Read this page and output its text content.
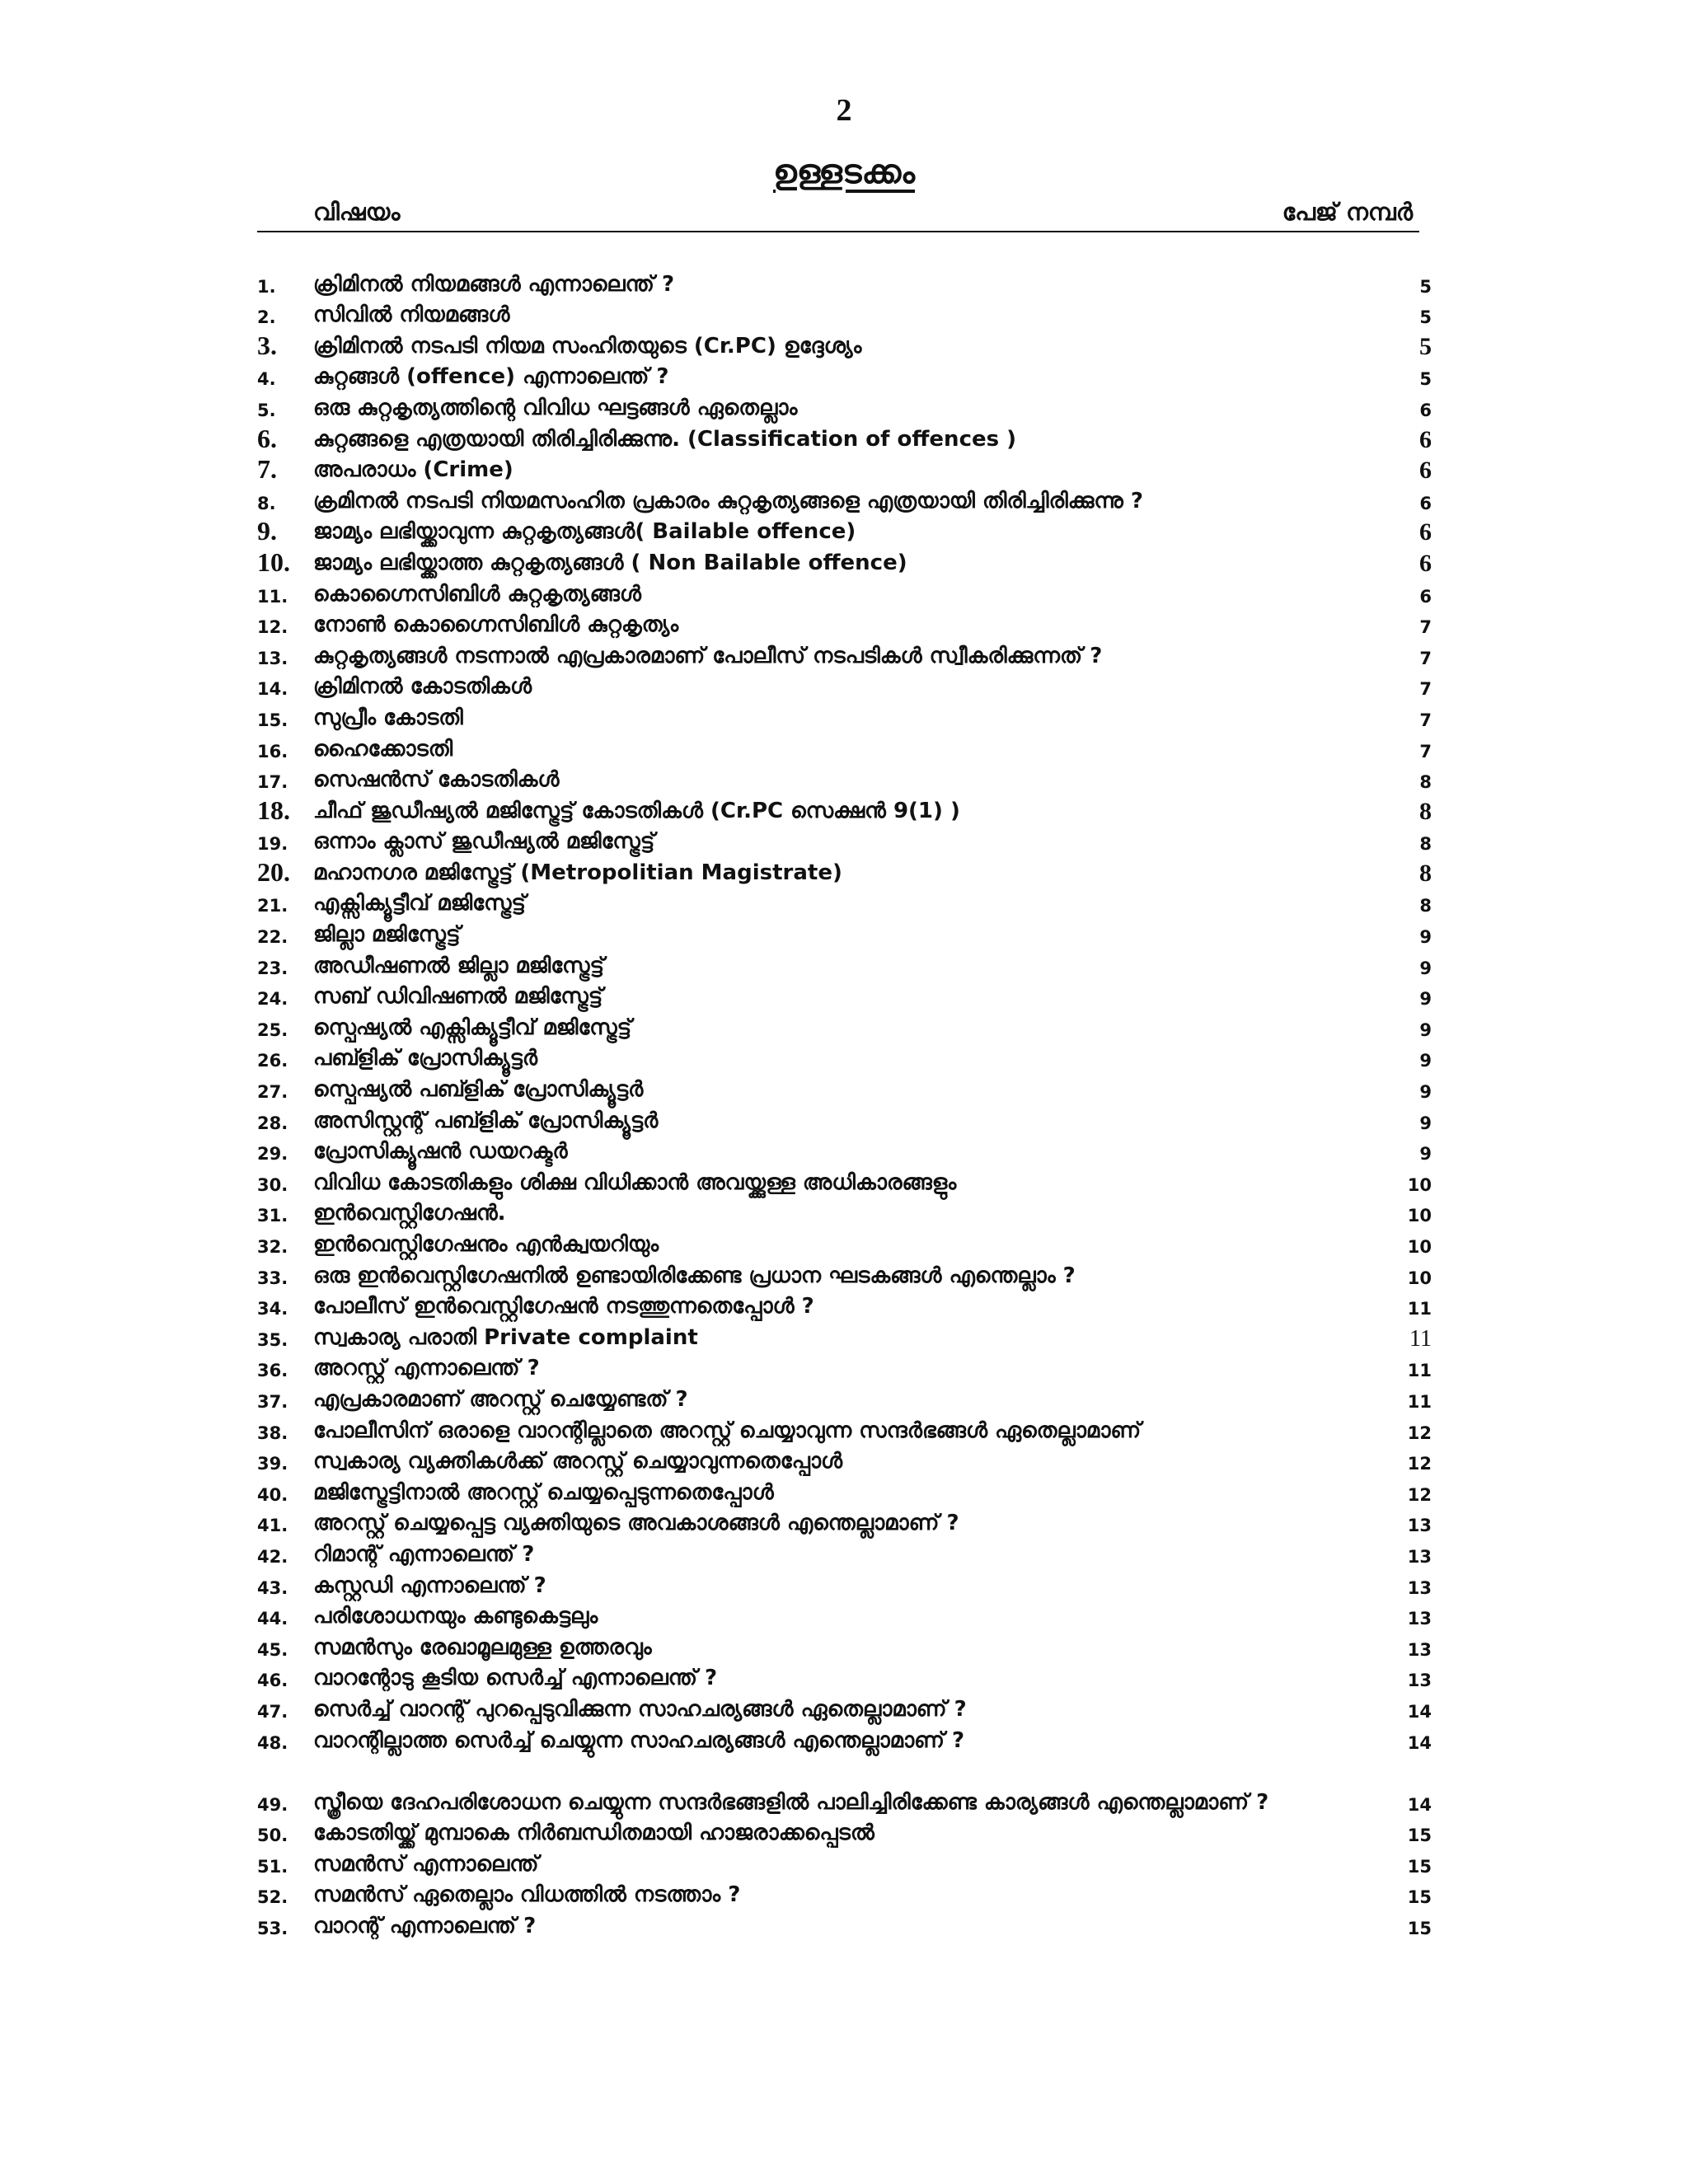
2
ഉള്ളടക്കം
വിഷയം	പേജ് നമ്പർ
1.	ക്രിമിനൽ നിയമങ്ങൾ എന്നാലെന്ത് ?	5
2.	സിവിൽ നിയമങ്ങൾ	5
3.	ക്രിമിനൽ നടപടി നിയമ സംഹിതയുടെ (Cr.PC) ഉദ്ദേശ്യം	5
4.	കുറ്റങ്ങൾ (offence) എന്നാലെന്ത് ?	5
5.	ഒരു കുറ്റകൃത്യത്തിന്റെ വിവിധ ഘട്ടങ്ങൾ ഏതെല്ലാം	6
6.	കുറ്റങ്ങളെ എത്രയായി തിരിച്ചിരിക്കുന്നു. (Classification of offences )	6
7.	അപരാധം (Crime)	6
8.	ക്രമിനൽ നടപടി നിയമസംഹിത പ്രകാരം കുറ്റകൃത്യങ്ങളെ എത്രയായി തിരിച്ചിരിക്കുന്നു ?	6
9.	ജാമ്യം ലഭിയ്ക്കാവുന്ന കുറ്റകൃത്യങ്ങൾ( Bailable offence)	6
10.	ജാമ്യം ലഭിയ്ക്കാത്ത കുറ്റകൃത്യങ്ങൾ ( Non Bailable offence)	6
11.	കൊഗ്നൈസിബിൾ കുറ്റകൃത്യങ്ങൾ	6
12.	നോൺ കൊഗ്നൈസിബിൾ കുറ്റകൃത്യം	7
13.	കുറ്റകൃത്യങ്ങൾ നടന്നാൽ എപ്രകാരമാണ് പോലീസ് നടപടികൾ സ്വീകരിക്കുന്നത് ?	7
14.	ക്രിമിനൽ കോടതികൾ	7
15.	സുപ്രീം കോടതി	7
16.	ഹൈക്കോടതി	7
17.	സെഷൻസ് കോടതികൾ	8
18.	ചീഫ് ജുഡീഷ്യൽ മജിസ്ട്രേട്ട് കോടതികൾ (Cr.PC സെക്ഷൻ 9(1) )	8
19.	ഒന്നാം ക്ലാസ് ജുഡീഷ്യൽ മജിസ്ട്രേട്ട്	8
20.	മഹാനഗര മജിസ്ട്രേട്ട് (Metropolitian Magistrate)	8
21.	എക്സിക്യൂട്ടീവ് മജിസ്ട്രേട്ട്	8
22.	ജില്ലാ മജിസ്ട്രേട്ട്	9
23.	അഡീഷണൽ ജില്ലാ മജിസ്ട്രേട്ട്	9
24.	സബ് ഡിവിഷണൽ മജിസ്ട്രേട്ട്	9
25.	സ്പെഷ്യൽ എക്സിക്യൂട്ടീവ് മജിസ്ട്രേട്ട്	9
26.	പബ്ളിക് പ്രോസിക്യൂട്ടർ	9
27.	സ്പെഷ്യൽ പബ്ളിക് പ്രോസിക്യൂട്ടർ	9
28.	അസിസ്റ്റന്റ് പബ്ളിക് പ്രോസിക്യൂട്ടർ	9
29.	പ്രോസിക്യൂഷൻ ഡയറക്ടർ	9
30.	വിവിധ കോടതികളും ശിക്ഷ വിധിക്കാൻ അവയ്ക്കുള്ള അധികാരങ്ങളും	10
31.	ഇൻവെസ്റ്റിഗേഷൻ.	10
32.	ഇൻവെസ്റ്റിഗേഷനും എൻക്വയറിയും	10
33.	ഒരു ഇൻവെസ്റ്റിഗേഷനിൽ ഉണ്ടായിരിക്കേണ്ട പ്രധാന ഘടകങ്ങൾ എന്തെല്ലാം ?	10
34.	പോലീസ് ഇൻവെസ്റ്റിഗേഷൻ നടത്തുന്നതെപ്പോൾ ?	11
35.	സ്വകാര്യ പരാതി Private complaint	11
36.	അറസ്റ്റ് എന്നാലെന്ത് ?	11
37.	എപ്രകാരമാണ് അറസ്റ്റ് ചെയ്യേണ്ടത് ?	11
38.	പോലീസിന് ഒരാളെ വാറന്റില്ലാതെ അറസ്റ്റ് ചെയ്യാവുന്ന സന്ദർഭങ്ങൾ ഏതെല്ലാമാണ്	12
39.	സ്വകാര്യ വ്യക്തികൾക്ക് അറസ്റ്റ് ചെയ്യാവുന്നതെപ്പോൾ	12
40.	മജിസ്ട്രേട്ടിനാൽ അറസ്റ്റ് ചെയ്യപ്പെടുന്നതെപ്പോൾ	12
41.	അറസ്റ്റ് ചെയ്യപ്പെട്ട വ്യക്തിയുടെ അവകാശങ്ങൾ എന്തെല്ലാമാണ് ?	13
42.	റിമാന്റ് എന്നാലെന്ത് ?	13
43.	കസ്റ്റഡി എന്നാലെന്ത് ?	13
44.	പരിശോധനയും കണ്ടുകെട്ടലും	13
45.	സമൻസും രേഖാമൂലമുള്ള ഉത്തരവും	13
46.	വാറന്റോടു കൂടിയ സെർച്ച് എന്നാലെന്ത് ?	13
47.	സെർച്ച് വാറന്റ് പുറപ്പെടുവിക്കുന്ന സാഹചര്യങ്ങൾ ഏതെല്ലാമാണ് ?	14
48.	വാറന്റില്ലാത്ത സെർച്ച് ചെയ്യുന്ന സാഹചര്യങ്ങൾ എന്തെല്ലാമാണ് ?	14
49.	സ്ത്രീയെ ദേഹപരിശോധന ചെയ്യുന്ന സന്ദർഭങ്ങളിൽ പാലിച്ചിരിക്കേണ്ട കാര്യങ്ങൾ എന്തെല്ലാമാണ് ?	14
50.	കോടതിയ്ക്ക് മുമ്പാകെ നിർബന്ധിതമായി ഹാജരാക്കപ്പെടൽ	15
51.	സമൻസ് എന്നാലെന്ത്	15
52.	സമൻസ് ഏതെല്ലാം വിധത്തിൽ നടത്താം ?	15
53.	വാറന്റ് എന്നാലെന്ത് ?	15
